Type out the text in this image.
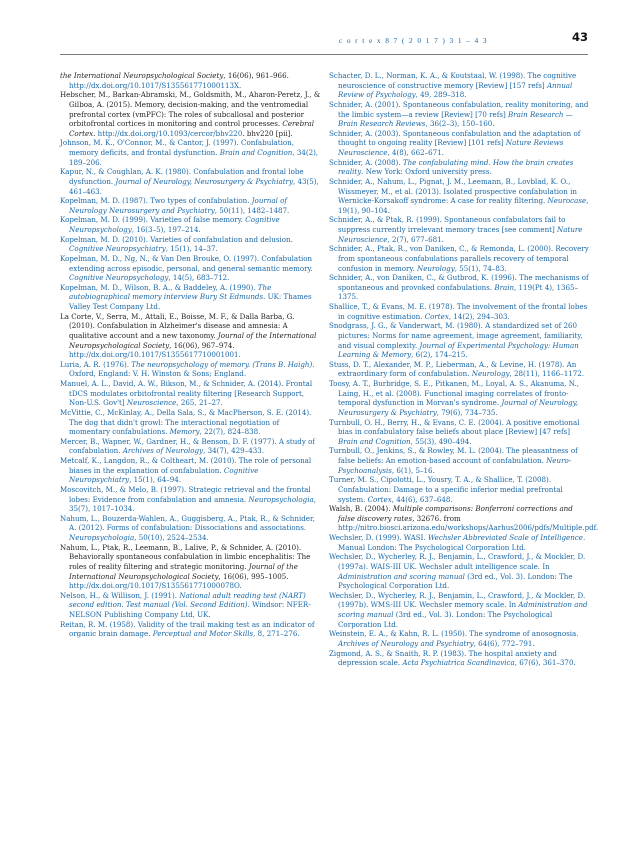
c o r t e x 8 7 ( 2 0 1 7 ) 3 1 – 4 3	43
the International Neuropsychological Society, 16(06), 961–966. http://dx.doi.org/10.1017/S135561771000113X.
Hebscher, M., Barkan-Abramski, M., Goldsmith, M., Aharon-Peretz, J., & Gilboa, A. (2015). Memory, decision-making, and the ventromedial prefrontal cortex (vmPFC): The roles of subcallosal and posterior orbitofrontal cortices in monitoring and control processes. Cerebral Cortex. http://dx.doi.org/10.1093/cercor/bhv220. bhv220 [pii].
Johnson, M. K., O'Connor, M., & Cantor, J. (1997). Confabulation, memory deficits, and frontal dysfunction. Brain and Cognition, 34(2), 189–206.
Kapur, N., & Coughlan, A. K. (1980). Confabulation and frontal lobe dysfunction. Journal of Neurology, Neurosurgery & Psychiatry, 43(5), 461–463.
Kopelman, M. D. (1987). Two types of confabulation. Journal of Neurology Neurosurgery and Psychiatry, 50(11), 1482–1487.
Kopelman, M. D. (1999). Varieties of false memory. Cognitive Neuropsychology, 16(3–5), 197–214.
Kopelman, M. D. (2010). Varieties of confabulation and delusion. Cognitive Neuropsychiatry, 15(1), 14–37.
Kopelman, M. D., Ng, N., & Van Den Brouke, O. (1997). Confabulation extending across episodic, personal, and general semantic memory. Cognitive Neuropsychology, 14(5), 683–712.
Kopelman, M. D., Wilson, B. A., & Baddeley, A. (1990). The autobiographical memory interview Bury St Edmunds. UK: Thames Valley Test Company Ltd.
La Corte, V., Serra, M., Attali, E., Boisse, M. F., & Dalla Barba, G. (2010). Confabulation in Alzheimer's disease and amnesia: A qualitative account and a new taxonomy. Journal of the International Neuropsychological Society, 16(06), 967–974. http://dx.doi.org/10.1017/S1355617710001001.
Luria, A. R. (1976). The neuropsychology of memory. (Trans B. Haigh). Oxford, England: V. H. Winston & Sons; England.
Manuel, A. L., David, A. W., Bikson, M., & Schnider, A. (2014). Frontal tDCS modulates orbitofrontal reality filtering [Research Support, Non-U.S. Gov't] Neuroscience, 265, 21–27.
McVittie, C., McKinlay, A., Della Sala, S., & MacPherson, S. E. (2014). The dog that didn't growl: The interactional negotiation of momentary confabulations. Memory, 22(7), 824–838.
Mercer, B., Wapner, W., Gardner, H., & Benson, D. F. (1977). A study of confabulation. Archives of Neurology, 34(7), 429–433.
Metcalf, K., Langdon, R., & Coltheart, M. (2010). The role of personal biases in the explanation of confabulation. Cognitive Neuropsychiatry, 15(1), 64–94.
Moscovitch, M., & Melo, B. (1997). Strategic retrieval and the frontal lobes: Evidence from confabulation and amnesia. Neuropsychologia, 35(7), 1017–1034.
Nahum, L., Bouzerda-Wahlen, A., Guggisberg, A., Ptak, R., & Schnider, A. (2012). Forms of confabulation: Dissociations and associations. Neuropsychologia, 50(10), 2524–2534.
Nahum, L., Ptak, R., Leemann, B., Lalive, P., & Schnider, A. (2010). Behaviorally spontaneous confabulation in limbic encephalitis: The roles of reality filtering and strategic monitoring. Journal of the International Neuropsychological Society, 16(06), 995–1005. http://dx.doi.org/10.1017/S135561771000078O.
Nelson, H., & Willison, J. (1991). National adult reading test (NART) second edition. Test manual (Vol. Second Edition). Windsor: NFER-NELSON Publishing Company Ltd, UK.
Reitan, R. M. (1958). Validity of the trail making test as an indicator of organic brain damage. Perceptual and Motor Skills, 8, 271–276.
Schacter, D. L., Norman, K. A., & Koutstaal, W. (1998). The cognitive neuroscience of constructive memory [Review] [157 refs] Annual Review of Psychology, 49, 289–318.
Schnider, A. (2001). Spontaneous confabulation, reality monitoring, and the limbic system—a review [Review] [70 refs] Brain Research — Brain Research Reviews, 36(2–3), 150–160.
Schnider, A. (2003). Spontaneous confabulation and the adaptation of thought to ongoing reality [Review] [101 refs] Nature Reviews Neuroscience, 4(8), 662–671.
Schnider, A. (2008). The confabulating mind. How the brain creates reality. New York: Oxford university press.
Schnider, A., Nahum, L., Pignat, J. M., Leemann, B., Lovblad, K. O., Wissmeyer, M., et al. (2013). Isolated prospective confabulation in Wernicke-Korsakoff syndrome: A case for reality filtering. Neurocase, 19(1), 90–104.
Schnider, A., & Ptak, R. (1999). Spontaneous confabulators fail to suppress currently irrelevant memory traces [see comment] Nature Neuroscience, 2(7), 677–681.
Schnider, A., Ptak, R., von Daniken, C., & Remonda, L. (2000). Recovery from spontaneous confabulations parallels recovery of temporal confusion in memory. Neurology, 55(1), 74–83.
Schnider, A., von Daniken, C., & Gutbrod, K. (1996). The mechanisms of spontaneous and provoked confabulations. Brain, 119(Pt 4), 1365–1375.
Shallice, T., & Evans, M. E. (1978). The involvement of the frontal lobes in cognitive estimation. Cortex, 14(2), 294–303.
Snodgrass, J. G., & Vanderwart, M. (1980). A standardized set of 260 pictures: Norms for name agreement, image agreement, familiarity, and visual complexity. Journal of Experimental Psychology: Human Learning & Memory, 6(2), 174–215.
Stuss, D. T., Alexander, M. P., Lieberman, A., & Levine, H. (1978). An extraordinary form of confabulation. Neurology, 28(11), 1166–1172.
Toosy, A. T., Burbridge, S. E., Pitkanen, M., Loyal, A. S., Akanuma, N., Laing, H., et al. (2008). Functional imaging correlates of fronto-temporal dysfunction in Morvan's syndrome. Journal of Neurology, Neurosurgery & Psychiatry, 79(6), 734–735.
Turnbull, O. H., Berry, H., & Evans, C. E. (2004). A positive emotional bias in confabulatory false beliefs about place [Review] [47 refs] Brain and Cognition, 55(3), 490–494.
Turnbull, O., Jenkins, S., & Rowley, M. L. (2004). The pleasantness of false beliefs: An emotion-based account of confabulation. Neuro-Psychoanalysis, 6(1), 5–16.
Turner, M. S., Cipolotti, L., Yousry, T. A., & Shallice, T. (2008). Confabulation: Damage to a specific inferior medial prefrontal system. Cortex, 44(6), 637–648.
Walsh, B. (2004). Multiple comparisons: Bonferroni corrections and false discovery rates, 32676. from http://nitro.biosci.arizona.edu/workshops/Aarhus2006/pdfs/Multiple.pdf.
Wechsler, D. (1999). WASI. Wechsler Abbreviated Scale of Intelligence. Manual London: The Psychological Corporation Ltd.
Wechsler, D., Wycherley, R. J., Benjamin, L., Crawford, J., & Mockler, D. (1997a). WAIS-III UK. Wechsler adult intelligence scale. In Administration and scoring manual (3rd ed., Vol. 3). London: The Psychological Corporation Ltd.
Wechsler, D., Wycherley, R. J., Benjamin, L., Crawford, J., & Mockler, D. (1997b). WMS-III UK. Wechsler memory scale. In Administration and scoring manual (3rd ed., Vol. 3). London: The Psychological Corporation Ltd.
Weinstein, E. A., & Kahn, R. L. (1950). The syndrome of anosognosia. Archives of Neurology and Psychiatry, 64(6), 772–791.
Zigmond, A. S., & Snaith, R. P. (1983). The hospital anxiety and depression scale. Acta Psychiatrica Scandinavica, 67(6), 361–370.
